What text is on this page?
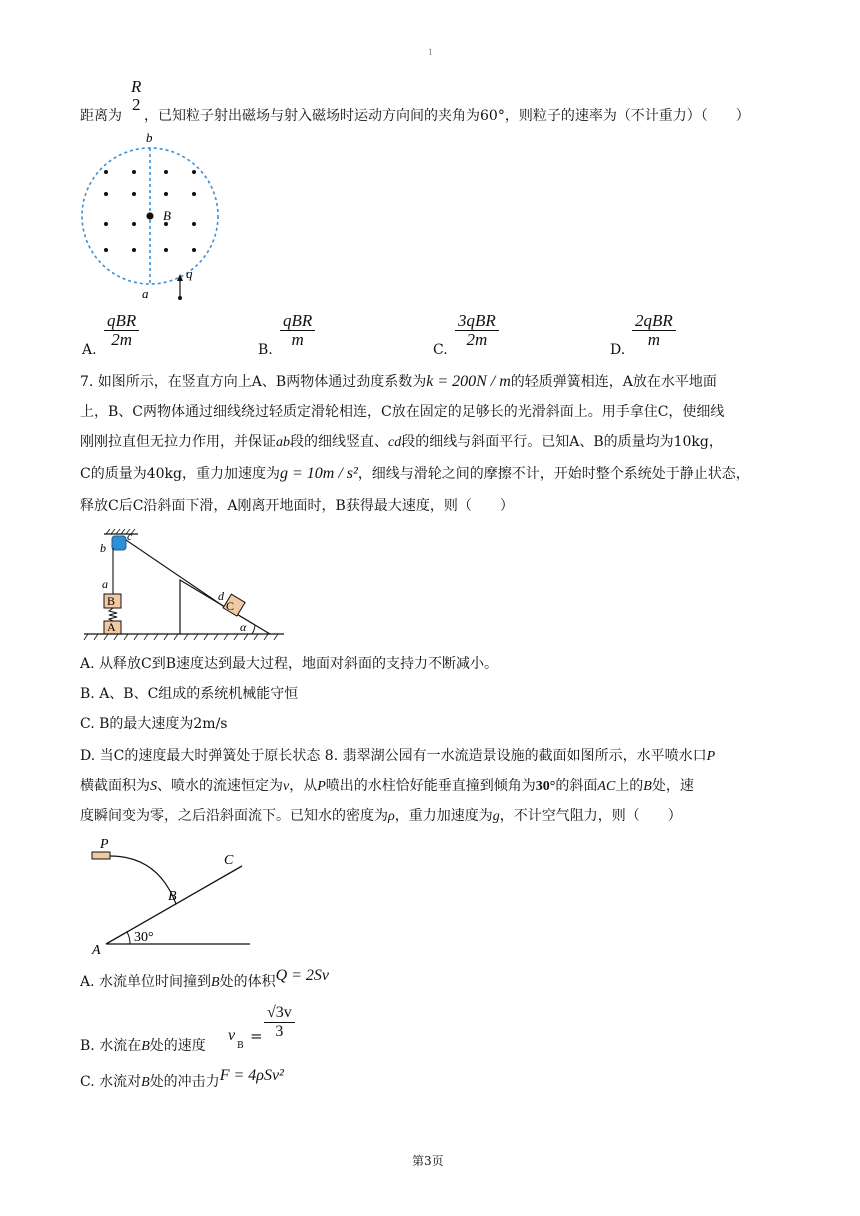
1
距离为
R
2
，已知粒子射出磁场与射入磁场时运动方向间的夹角为60°，则粒子的速率为（不计重力）（　　）
b
B
a
q
A.
qBR
2m
B.
qBR
m
C.
3qBR
2m
D.
2qBR
m
7. 如图所示，在竖直方向上A、B两物体通过劲度系数为k = 200N / m的轻质弹簧相连，A放在水平地面
上，B、C两物体通过细线绕过轻质定滑轮相连，C放在固定的足够长的光滑斜面上。用手拿住C，使细线
刚刚拉直但无拉力作用，并保证ab段的细线竖直、cd段的细线与斜面平行。已知A、B的质量均为10kg，
C的质量为40kg，重力加速度为g = 10m / s²，细线与滑轮之间的摩擦不计，开始时整个系统处于静止状态，
释放C后C沿斜面下滑，A刚离开地面时，B获得最大速度，则（　　）
B
A
C
α
b
c
a
d
A. 从释放C到B速度达到最大过程，地面对斜面的支持力不断减小。
B. A、B、C组成的系统机械能守恒
C. B的最大速度为2m/s
D. 当C的速度最大时弹簧处于原长状态 8. 翡翠湖公园有一水流造景设施的截面如图所示，水平喷水口P
横截面积为S、喷水的流速恒定为v，从P喷出的水柱恰好能垂直撞到倾角为30°的斜面AC上的B处，速
度瞬间变为零，之后沿斜面流下。已知水的密度为ρ，重力加速度为g，不计空气阻力，则（　　）
P
B
C
A
30°
A. 水流单位时间撞到B处的体积Q = 2Sv
B. 水流在B处的速度
v
B
= $\frac{√3v}{3}$
C. 水流对B处的冲击力F = 4ρSv²
第3页
